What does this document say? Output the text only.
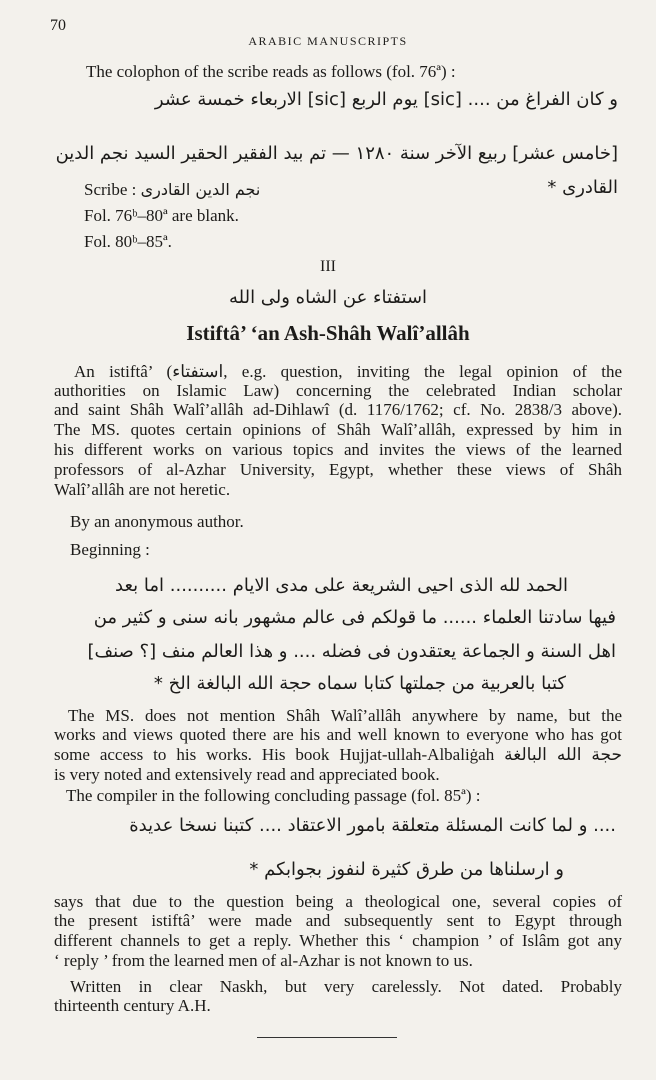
70
ARABIC MANUSCRIPTS
The colophon of the scribe reads as follows (fol. 76ª) :
و كان الفراغ من .... [sic] يوم الربع [sic] الاربعاء خمسة عشر
[خامس عشر] ربيع الآخر سنة ١٢٨٠ — تم بيد الفقير الحقير السيد نجم الدين
القادرى *
Scribe : نجم الدين القادرى
Fol. 76ᵇ–80ª are blank.
Fol. 80ᵇ–85ª.
III
استفتاء عن الشاه ولى الله
Istiftâ’ ‘an Ash-Shâh Walî’allâh
An istiftâ’ (استفتاء, e.g. question, inviting the legal opinion of the
authorities on Islamic Law) concerning the celebrated Indian scholar
and saint Shâh Walî’allâh ad-Dihlawî (d. 1176/1762; cf. No. 2838/3 above).
The MS. quotes certain opinions of Shâh Walî’allâh, expressed by him in
his different works on various topics and invites the views of the learned
professors of al-Azhar University, Egypt, whether these views of Shâh
Walî’allâh are not heretic.
By an anonymous author.
Beginning :
الحمد لله الذى احيى الشريعة على مدى الايام .......... اما بعد
فيها سادتنا العلماء ...... ما قولكم فى عالم مشهور بانه سنى و كثير من
اهل السنة و الجماعة يعتقدون فى فضله .... و هذا العالم منف [؟ صنف]
كتبا بالعربية من جملتها كتابا سماه حجة الله البالغة الخ *
The MS. does not mention Shâh Walî’allâh anywhere by name, but the
works and views quoted there are his and well known to everyone who has got
some access to his works. His book Hujjat-ullah-Albaliġah حجة الله البالغة
is very noted and extensively read and appreciated book.
The compiler in the following concluding passage (fol. 85ª) :
.... و لما كانت المسئلة متعلقة بامور الاعتقاد .... كتبنا نسخا عديدة
و ارسلناها من طرق كثيرة لنفوز بجوابكم *
says that due to the question being a theological one, several copies of
the present istiftâ’ were made and subsequently sent to Egypt through
different channels to get a reply. Whether this ‘ champion ’ of Islâm got any
‘ reply ’ from the learned men of al-Azhar is not known to us.
Written in clear Naskh, but very carelessly. Not dated. Probably
thirteenth century A.H.
